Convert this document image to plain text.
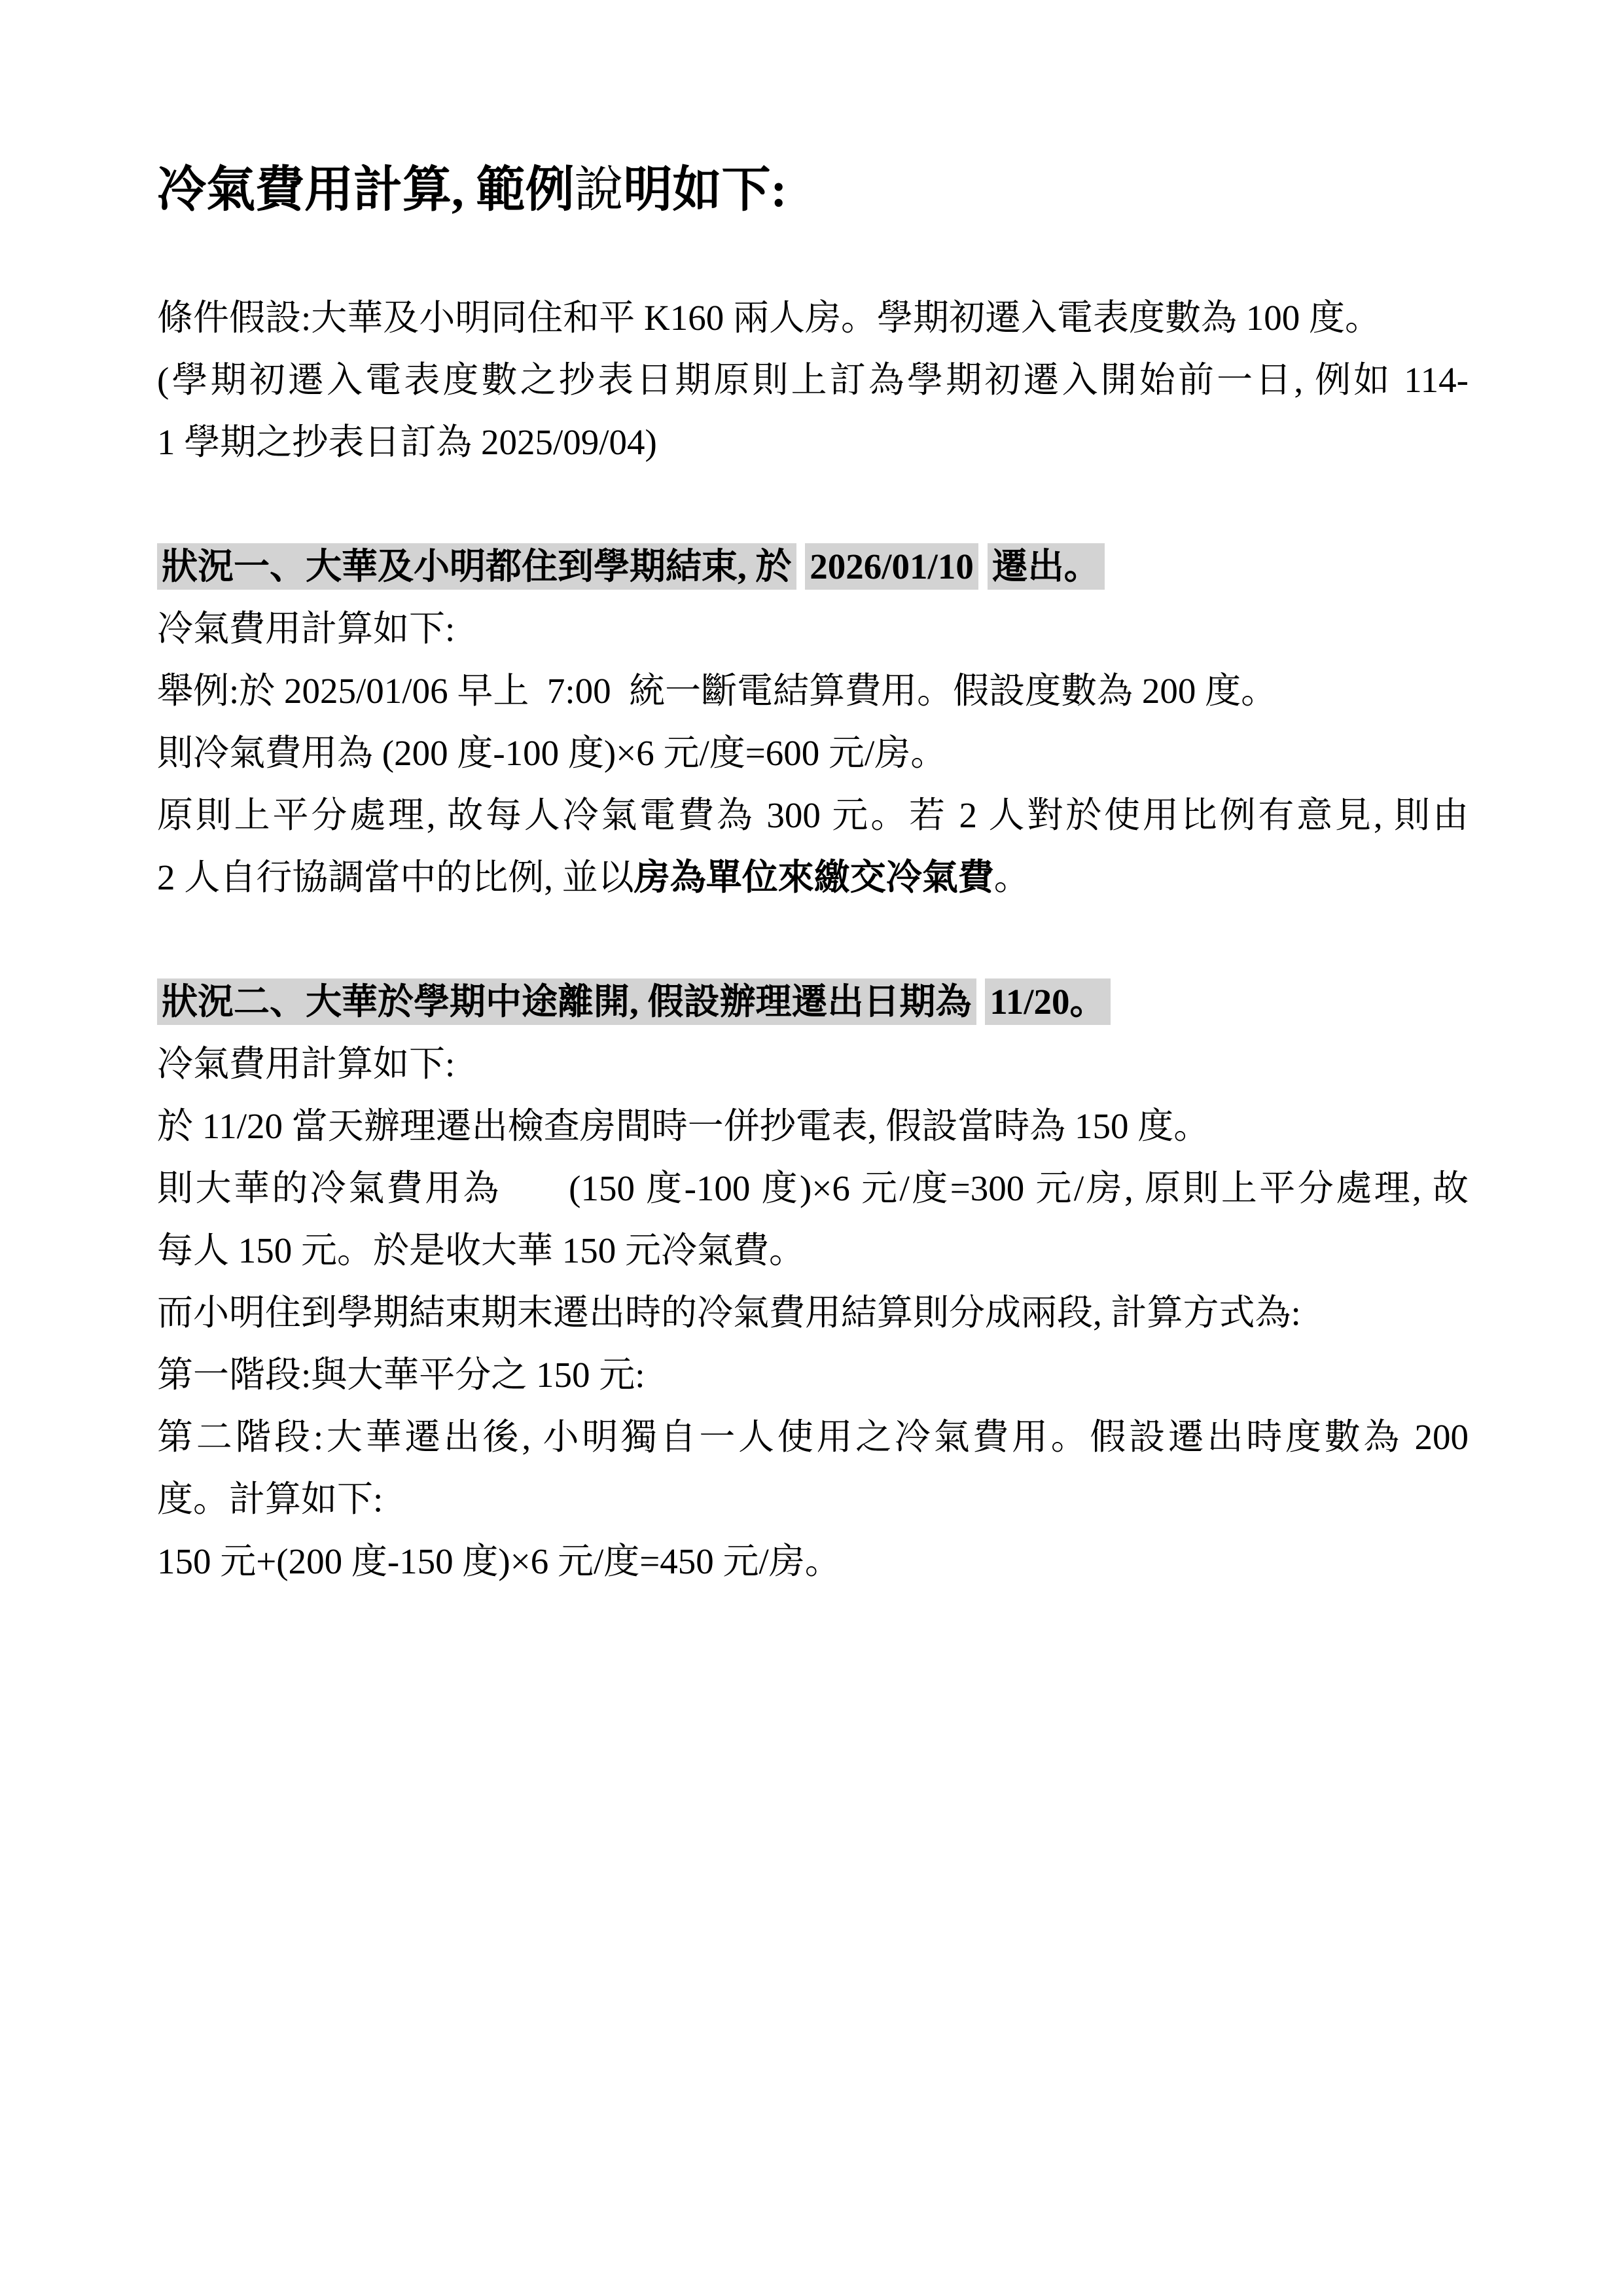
冷氣費用計算, 範例說明如下:
條件假設:大華及小明同住和平 K160 兩人房。學期初遷入電表度數為 100 度。
(學期初遷入電表度數之抄表日期原則上訂為學期初遷入開始前一日, 例如 114-
1 學期之抄表日訂為 2025/09/04)
狀況一、大華及小明都住到學期結束, 於 2026/01/10 遷出。
冷氣費用計算如下:
舉例:於 2025/01/06 早上  7:00  統一斷電結算費用。假設度數為 200 度。
則冷氣費用為 (200 度-100 度)×6 元/度=600 元/房。
原則上平分處理, 故每人冷氣電費為 300 元。若 2 人對於使用比例有意見, 則由
2 人自行協調當中的比例, 並以房為單位來繳交冷氣費。
狀況二、大華於學期中途離開, 假設辦理遷出日期為 11/20。
冷氣費用計算如下:
於 11/20 當天辦理遷出檢查房間時一併抄電表, 假設當時為 150 度。
則大華的冷氣費用為      (150 度-100 度)×6 元/度=300 元/房, 原則上平分處理, 故
每人 150 元。於是收大華 150 元冷氣費。
而小明住到學期結束期末遷出時的冷氣費用結算則分成兩段, 計算方式為:
第一階段:與大華平分之 150 元:
第二階段:大華遷出後, 小明獨自一人使用之冷氣費用。假設遷出時度數為 200
度。計算如下:
150 元+(200 度-150 度)×6 元/度=450 元/房。
